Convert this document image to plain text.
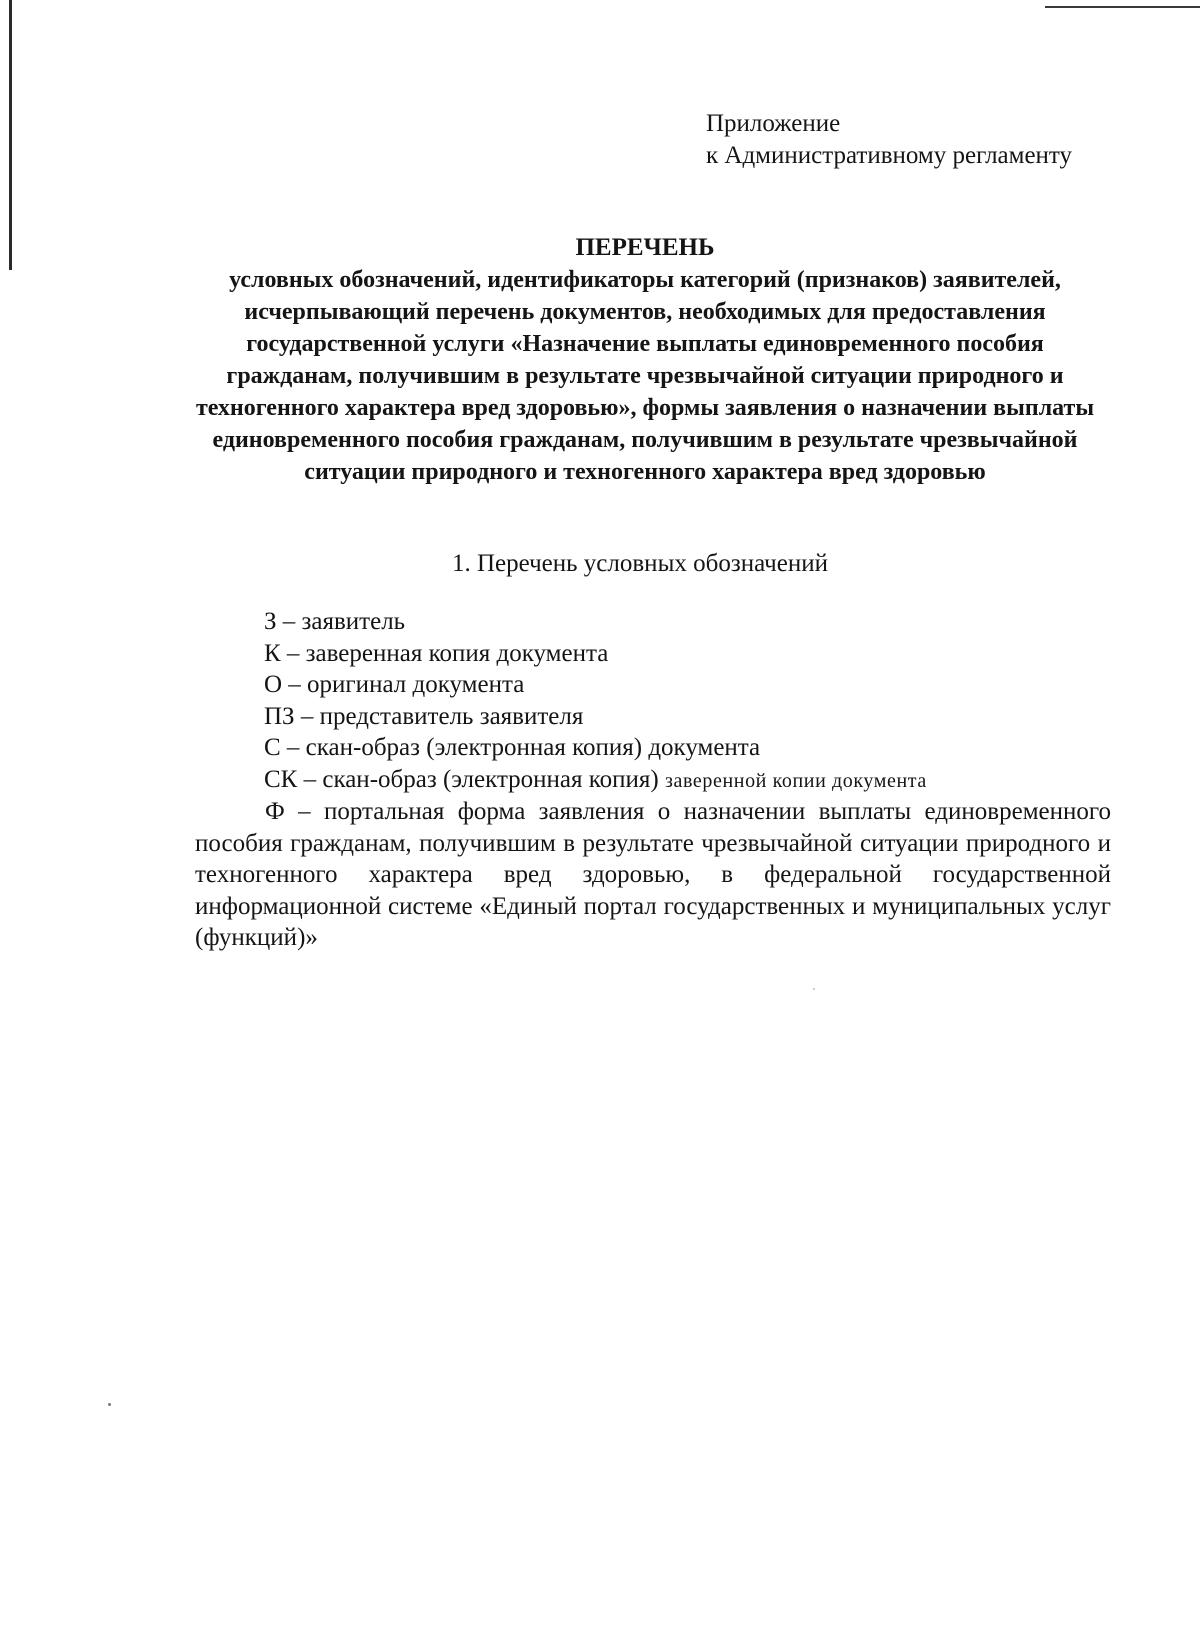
Приложение
к Административному регламенту
ПЕРЕЧЕНЬ
условных обозначений, идентификаторы категорий (признаков) заявителей, исчерпывающий перечень документов, необходимых для предоставления государственной услуги «Назначение выплаты единовременного пособия гражданам, получившим в результате чрезвычайной ситуации природного и техногенного характера вред здоровью», формы заявления о назначении выплаты единовременного пособия гражданам, получившим в результате чрезвычайной ситуации природного и техногенного характера вред здоровью
1. Перечень условных обозначений
З – заявитель
К – заверенная копия документа
О – оригинал документа
ПЗ – представитель заявителя
С – скан-образ (электронная копия) документа
СК – скан-образ (электронная копия) заверенной копии документа
Ф – портальная форма заявления о назначении выплаты единовременного пособия гражданам, получившим в результате чрезвычайной ситуации природного и техногенного характера вред здоровью, в федеральной государственной информационной системе «Единый портал государственных и муниципальных услуг (функций)»
